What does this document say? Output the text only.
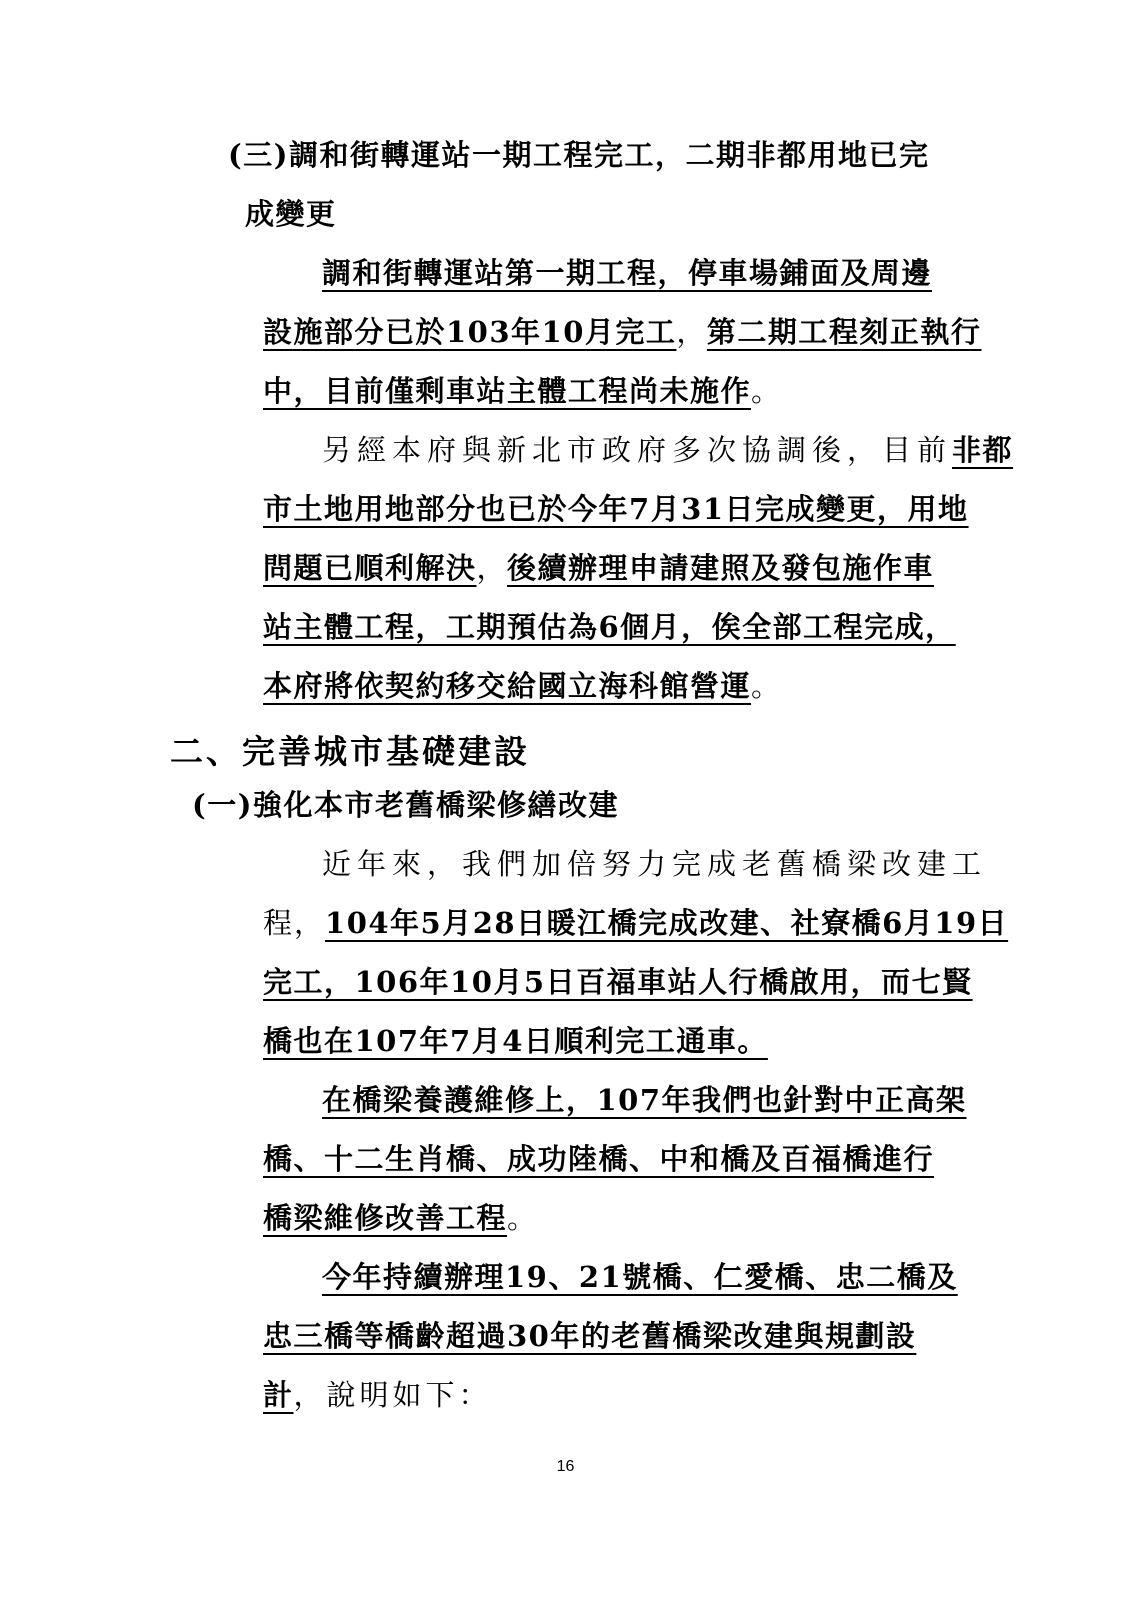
(三)調和街轉運站一期工程完工，二期非都用地已完
成變更
調和街轉運站第一期工程，停車場鋪面及周邊
設施部分已於103年10月完工，第二期工程刻正執行
中，目前僅剩車站主體工程尚未施作。
另經本府與新北市政府多次協調後，目前非都
市土地用地部分也已於今年7月31日完成變更，用地
問題已順利解決，後續辦理申請建照及發包施作車
站主體工程，工期預估為6個月，俟全部工程完成，
本府將依契約移交給國立海科館營運。
二、完善城市基礎建設
(一)強化本市老舊橋梁修繕改建
近年來，我們加倍努力完成老舊橋梁改建工
程，104年5月28日暖江橋完成改建、社寮橋6月19日
完工，106年10月5日百福車站人行橋啟用，而七賢
橋也在107年7月4日順利完工通車。
在橋梁養護維修上，107年我們也針對中正高架
橋、十二生肖橋、成功陸橋、中和橋及百福橋進行
橋梁維修改善工程。
今年持續辦理19、21號橋、仁愛橋、忠二橋及
忠三橋等橋齡超過30年的老舊橋梁改建與規劃設
計，說明如下：
16
